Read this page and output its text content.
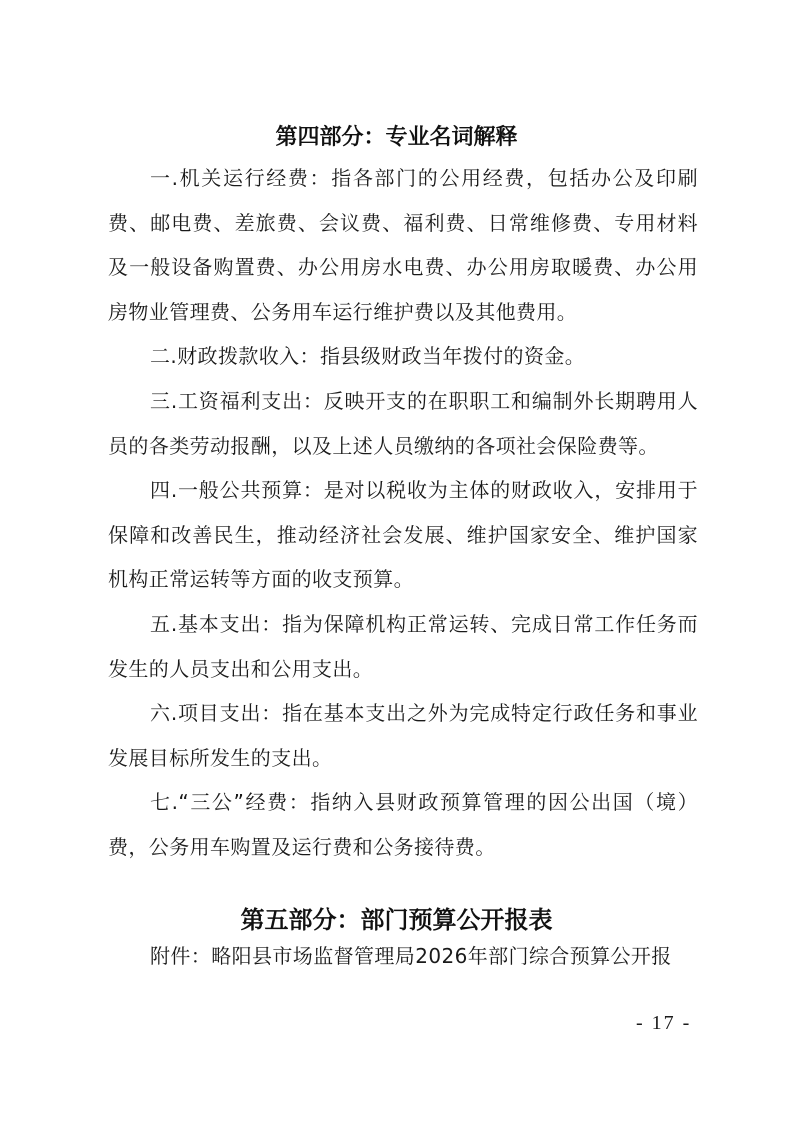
第四部分：专业名词解释

一.机关运行经费：指各部门的公用经费，包括办公及印刷费、邮电费、差旅费、会议费、福利费、日常维修费、专用材料及一般设备购置费、办公用房水电费、办公用房取暖费、办公用房物业管理费、公务用车运行维护费以及其他费用。

二.财政拨款收入：指县级财政当年拨付的资金。

三.工资福利支出：反映开支的在职职工和编制外长期聘用人员的各类劳动报酬，以及上述人员缴纳的各项社会保险费等。

四.一般公共预算：是对以税收为主体的财政收入，安排用于保障和改善民生，推动经济社会发展、维护国家安全、维护国家机构正常运转等方面的收支预算。

五.基本支出：指为保障机构正常运转、完成日常工作任务而发生的人员支出和公用支出。

六.项目支出：指在基本支出之外为完成特定行政任务和事业发展目标所发生的支出。

七.“三公”经费：指纳入县财政预算管理的因公出国（境）费，公务用车购置及运行费和公务接待费。

第五部分：部门预算公开报表
附件：略阳县市场监督管理局2026年部门综合预算公开报
- 17 -
